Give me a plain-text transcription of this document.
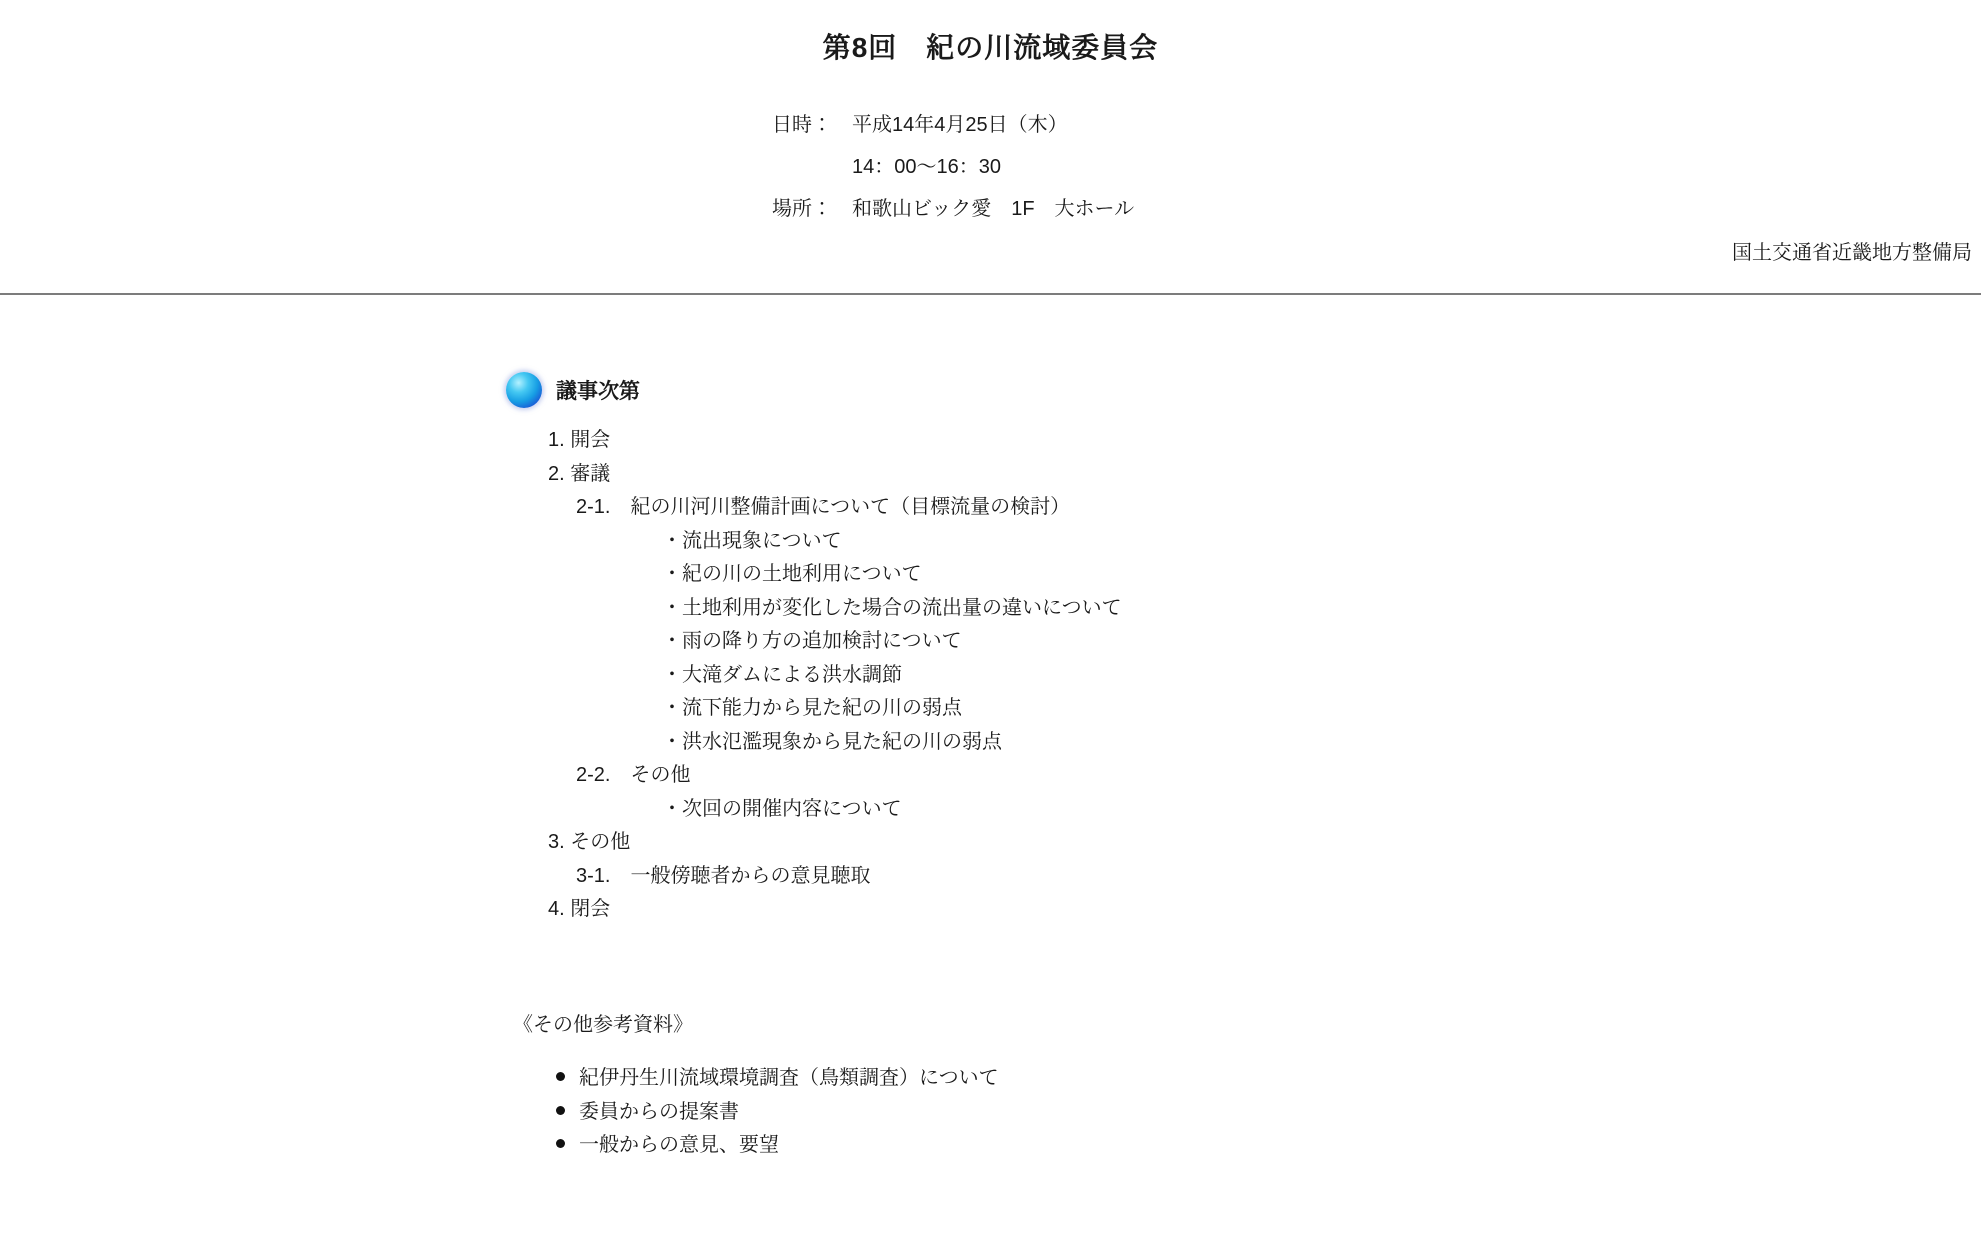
第8回　紀の川流域委員会
日時： 平成14年4月25日（木）
14：00～16：30
場所： 和歌山ビック愛　1F　大ホール
国土交通省近畿地方整備局
議事次第
1. 開会
2. 審議
2-1.　紀の川河川整備計画について（目標流量の検討）
・流出現象について
・紀の川の土地利用について
・土地利用が変化した場合の流出量の違いについて
・雨の降り方の追加検討について
・大滝ダムによる洪水調節
・流下能力から見た紀の川の弱点
・洪水氾濫現象から見た紀の川の弱点
2-2.　その他
・次回の開催内容について
3. その他
3-1.　一般傍聴者からの意見聴取
4. 閉会
《その他参考資料》
紀伊丹生川流域環境調査（鳥類調査）について
委員からの提案書
一般からの意見、要望
